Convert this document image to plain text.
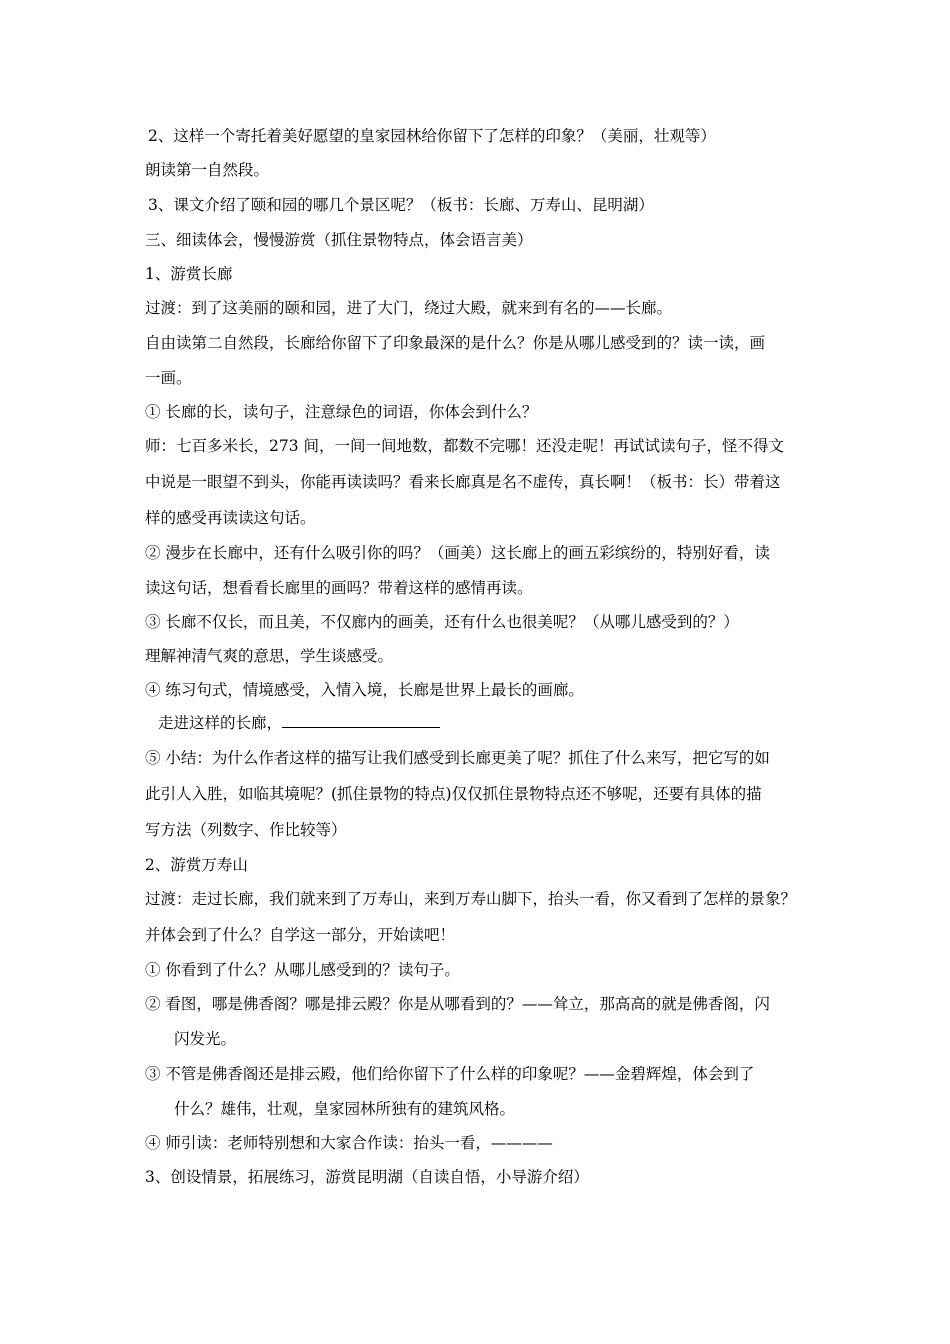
2、这样一个寄托着美好愿望的皇家园林给你留下了怎样的印象？（美丽，壮观等）
朗读第一自然段。
3、课文介绍了颐和园的哪几个景区呢？（板书：长廊、万寿山、昆明湖）
三、细读体会，慢慢游赏（抓住景物特点，体会语言美）
1、游赏长廊
过渡：到了这美丽的颐和园，进了大门，绕过大殿，就来到有名的——长廊。
自由读第二自然段，长廊给你留下了印象最深的是什么？你是从哪儿感受到的？读一读，画
一画。
① 长廊的长，读句子，注意绿色的词语，你体会到什么？
师：七百多米长，273 间，一间一间地数，都数不完哪！还没走呢！再试试读句子，怪不得文
中说是一眼望不到头，你能再读读吗？看来长廊真是名不虚传，真长啊！（板书：长）带着这
样的感受再读读这句话。
② 漫步在长廊中，还有什么吸引你的吗？（画美）这长廊上的画五彩缤纷的，特别好看，读
读这句话，想看看长廊里的画吗？带着这样的感情再读。
③ 长廊不仅长，而且美，不仅廊内的画美，还有什么也很美呢？（从哪儿感受到的？）
理解神清气爽的意思，学生谈感受。
④ 练习句式，情境感受，入情入境，长廊是世界上最长的画廊。
走进这样的长廊，
⑤ 小结：为什么作者这样的描写让我们感受到长廊更美了呢？抓住了什么来写，把它写的如
此引人入胜，如临其境呢？(抓住景物的特点)仅仅抓住景物特点还不够呢，还要有具体的描
写方法（列数字、作比较等）
2、游赏万寿山
过渡：走过长廊，我们就来到了万寿山，来到万寿山脚下，抬头一看，你又看到了怎样的景象？
并体会到了什么？自学这一部分，开始读吧！
① 你看到了什么？从哪儿感受到的？读句子。
② 看图，哪是佛香阁？哪是排云殿？你是从哪看到的？——耸立，那高高的就是佛香阁，闪
闪发光。
③ 不管是佛香阁还是排云殿，他们给你留下了什么样的印象呢？——金碧辉煌，体会到了
什么？雄伟，壮观，皇家园林所独有的建筑风格。
④ 师引读：老师特别想和大家合作读：抬头一看，————
3、创设情景，拓展练习，游赏昆明湖（自读自悟，小导游介绍）
